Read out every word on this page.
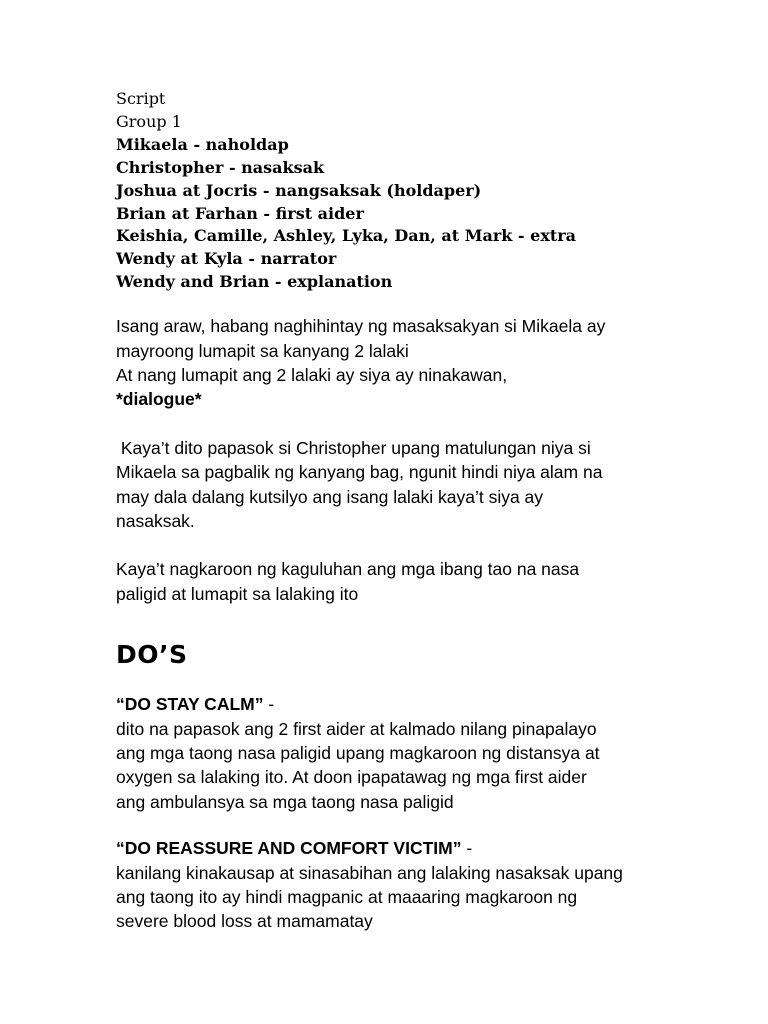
Script
Group 1
Mikaela - naholdap
Christopher - nasaksak
Joshua at Jocris - nangsaksak (holdaper)
Brian at Farhan - first aider
Keishia, Camille, Ashley, Lyka, Dan, at Mark - extra
Wendy at Kyla - narrator
Wendy and Brian - explanation

Isang araw, habang naghihintay ng masaksakyan si Mikaela ay
mayroong lumapit sa kanyang 2 lalaki
At nang lumapit ang 2 lalaki ay siya ay ninakawan,
*dialogue*

Kaya’t dito papasok si Christopher upang matulungan niya si
Mikaela sa pagbalik ng kanyang bag, ngunit hindi niya alam na
may dala dalang kutsilyo ang isang lalaki kaya’t siya ay
nasaksak.

Kaya’t nagkaroon ng kaguluhan ang mga ibang tao na nasa
paligid at lumapit sa lalaking ito

DO’S
“DO STAY CALM” -

dito na papasok ang 2 first aider at kalmado nilang pinapalayo
ang mga taong nasa paligid upang magkaroon ng distansya at
oxygen sa lalaking ito. At doon ipapatawag ng mga first aider
ang ambulansya sa mga taong nasa paligid

“DO REASSURE AND COMFORT VICTIM” -

kanilang kinakausap at sinasabihan ang lalaking nasaksak upang
ang taong ito ay hindi magpanic at maaaring magkaroon ng
severe blood loss at mamamatay
